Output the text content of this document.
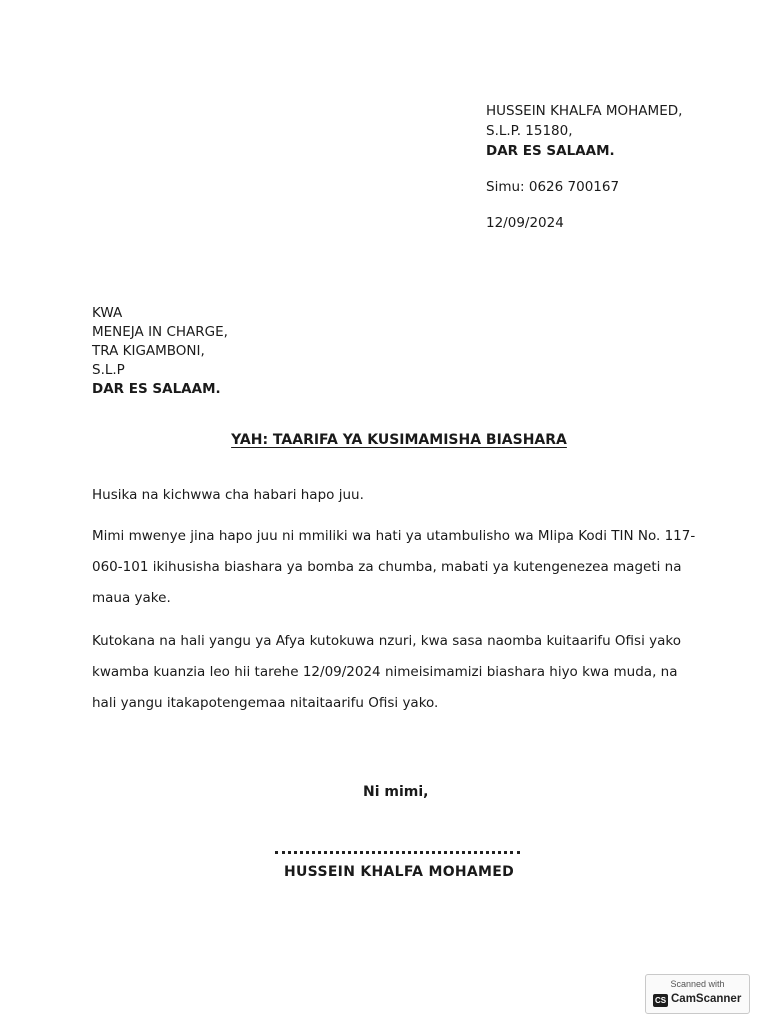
HUSSEIN KHALFA MOHAMED,
S.L.P. 15180,
DAR ES SALAAM.
Simu: 0626 700167
12/09/2024
KWA
MENEJA IN CHARGE,
TRA KIGAMBONI,
S.L.P
DAR ES SALAAM.
YAH: TAARIFA YA KUSIMAMISHA BIASHARA

Husika na kichwwa cha habari hapo juu.

Mimi mwenye jina hapo juu ni mmiliki wa hati ya utambulisho wa Mlipa Kodi TIN No. 117-060-101 ikihusisha biashara ya bomba za chumba, mabati ya kutengenezea mageti na maua yake.

Kutokana na hali yangu ya Afya kutokuwa nzuri, kwa sasa naomba kuitaarifu Ofisi yako kwamba kuanzia leo hii tarehe 12/09/2024 nimeisimamizi biashara hiyo kwa muda, na hali yangu itakapotengemaa nitaitaarifu Ofisi yako.

Ni mimi,
HUSSEIN KHALFA MOHAMED
Scanned with
CS CamScanner
